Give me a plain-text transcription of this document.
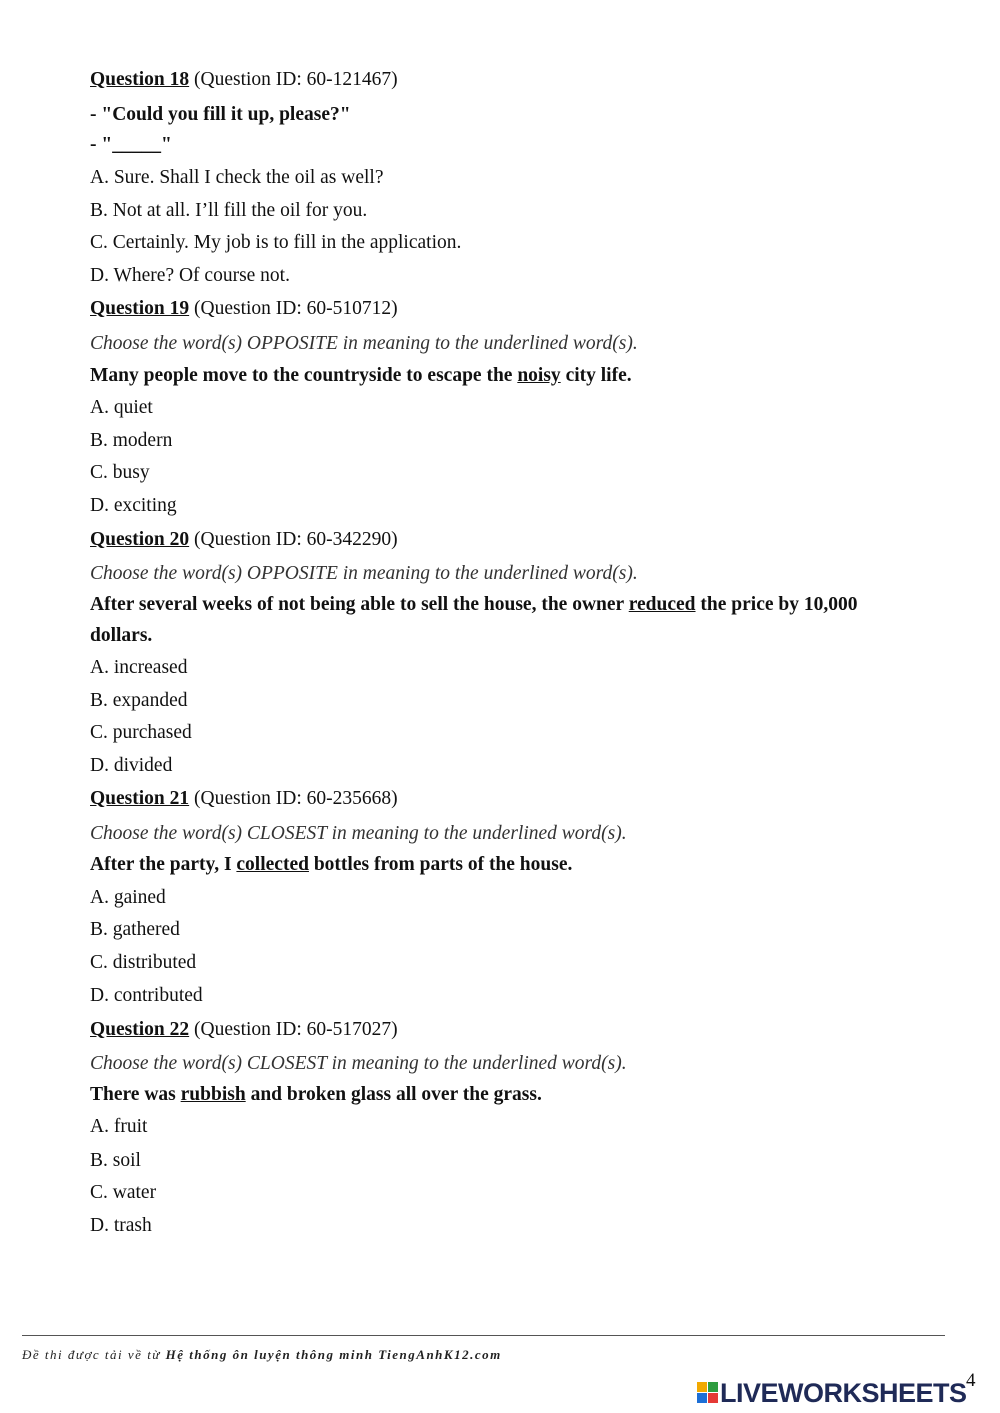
Question 18 (Question ID: 60-121467)
- "Could you fill it up, please?"
- "_____"
A. Sure. Shall I check the oil as well?
B. Not at all. I’ll fill the oil for you.
C. Certainly. My job is to fill in the application.
D. Where? Of course not.
Question 19 (Question ID: 60-510712)
Choose the word(s) OPPOSITE in meaning to the underlined word(s).
Many people move to the countryside to escape the noisy city life.
A. quiet
B. modern
C. busy
D. exciting
Question 20 (Question ID: 60-342290)
Choose the word(s) OPPOSITE in meaning to the underlined word(s).
After several weeks of not being able to sell the house, the owner reduced the price by 10,000
dollars.
A. increased
B. expanded
C. purchased
D. divided
Question 21 (Question ID: 60-235668)
Choose the word(s) CLOSEST in meaning to the underlined word(s).
After the party, I collected bottles from parts of the house.
A. gained
B. gathered
C. distributed
D. contributed
Question 22 (Question ID: 60-517027)
Choose the word(s) CLOSEST in meaning to the underlined word(s).
There was rubbish and broken glass all over the grass.
A. fruit
B. soil
C. water
D. trash
Đề thi được tải về từ Hệ thống ôn luyện thông minh TiengAnhK12.com
4
LIVEWORKSHEETS
